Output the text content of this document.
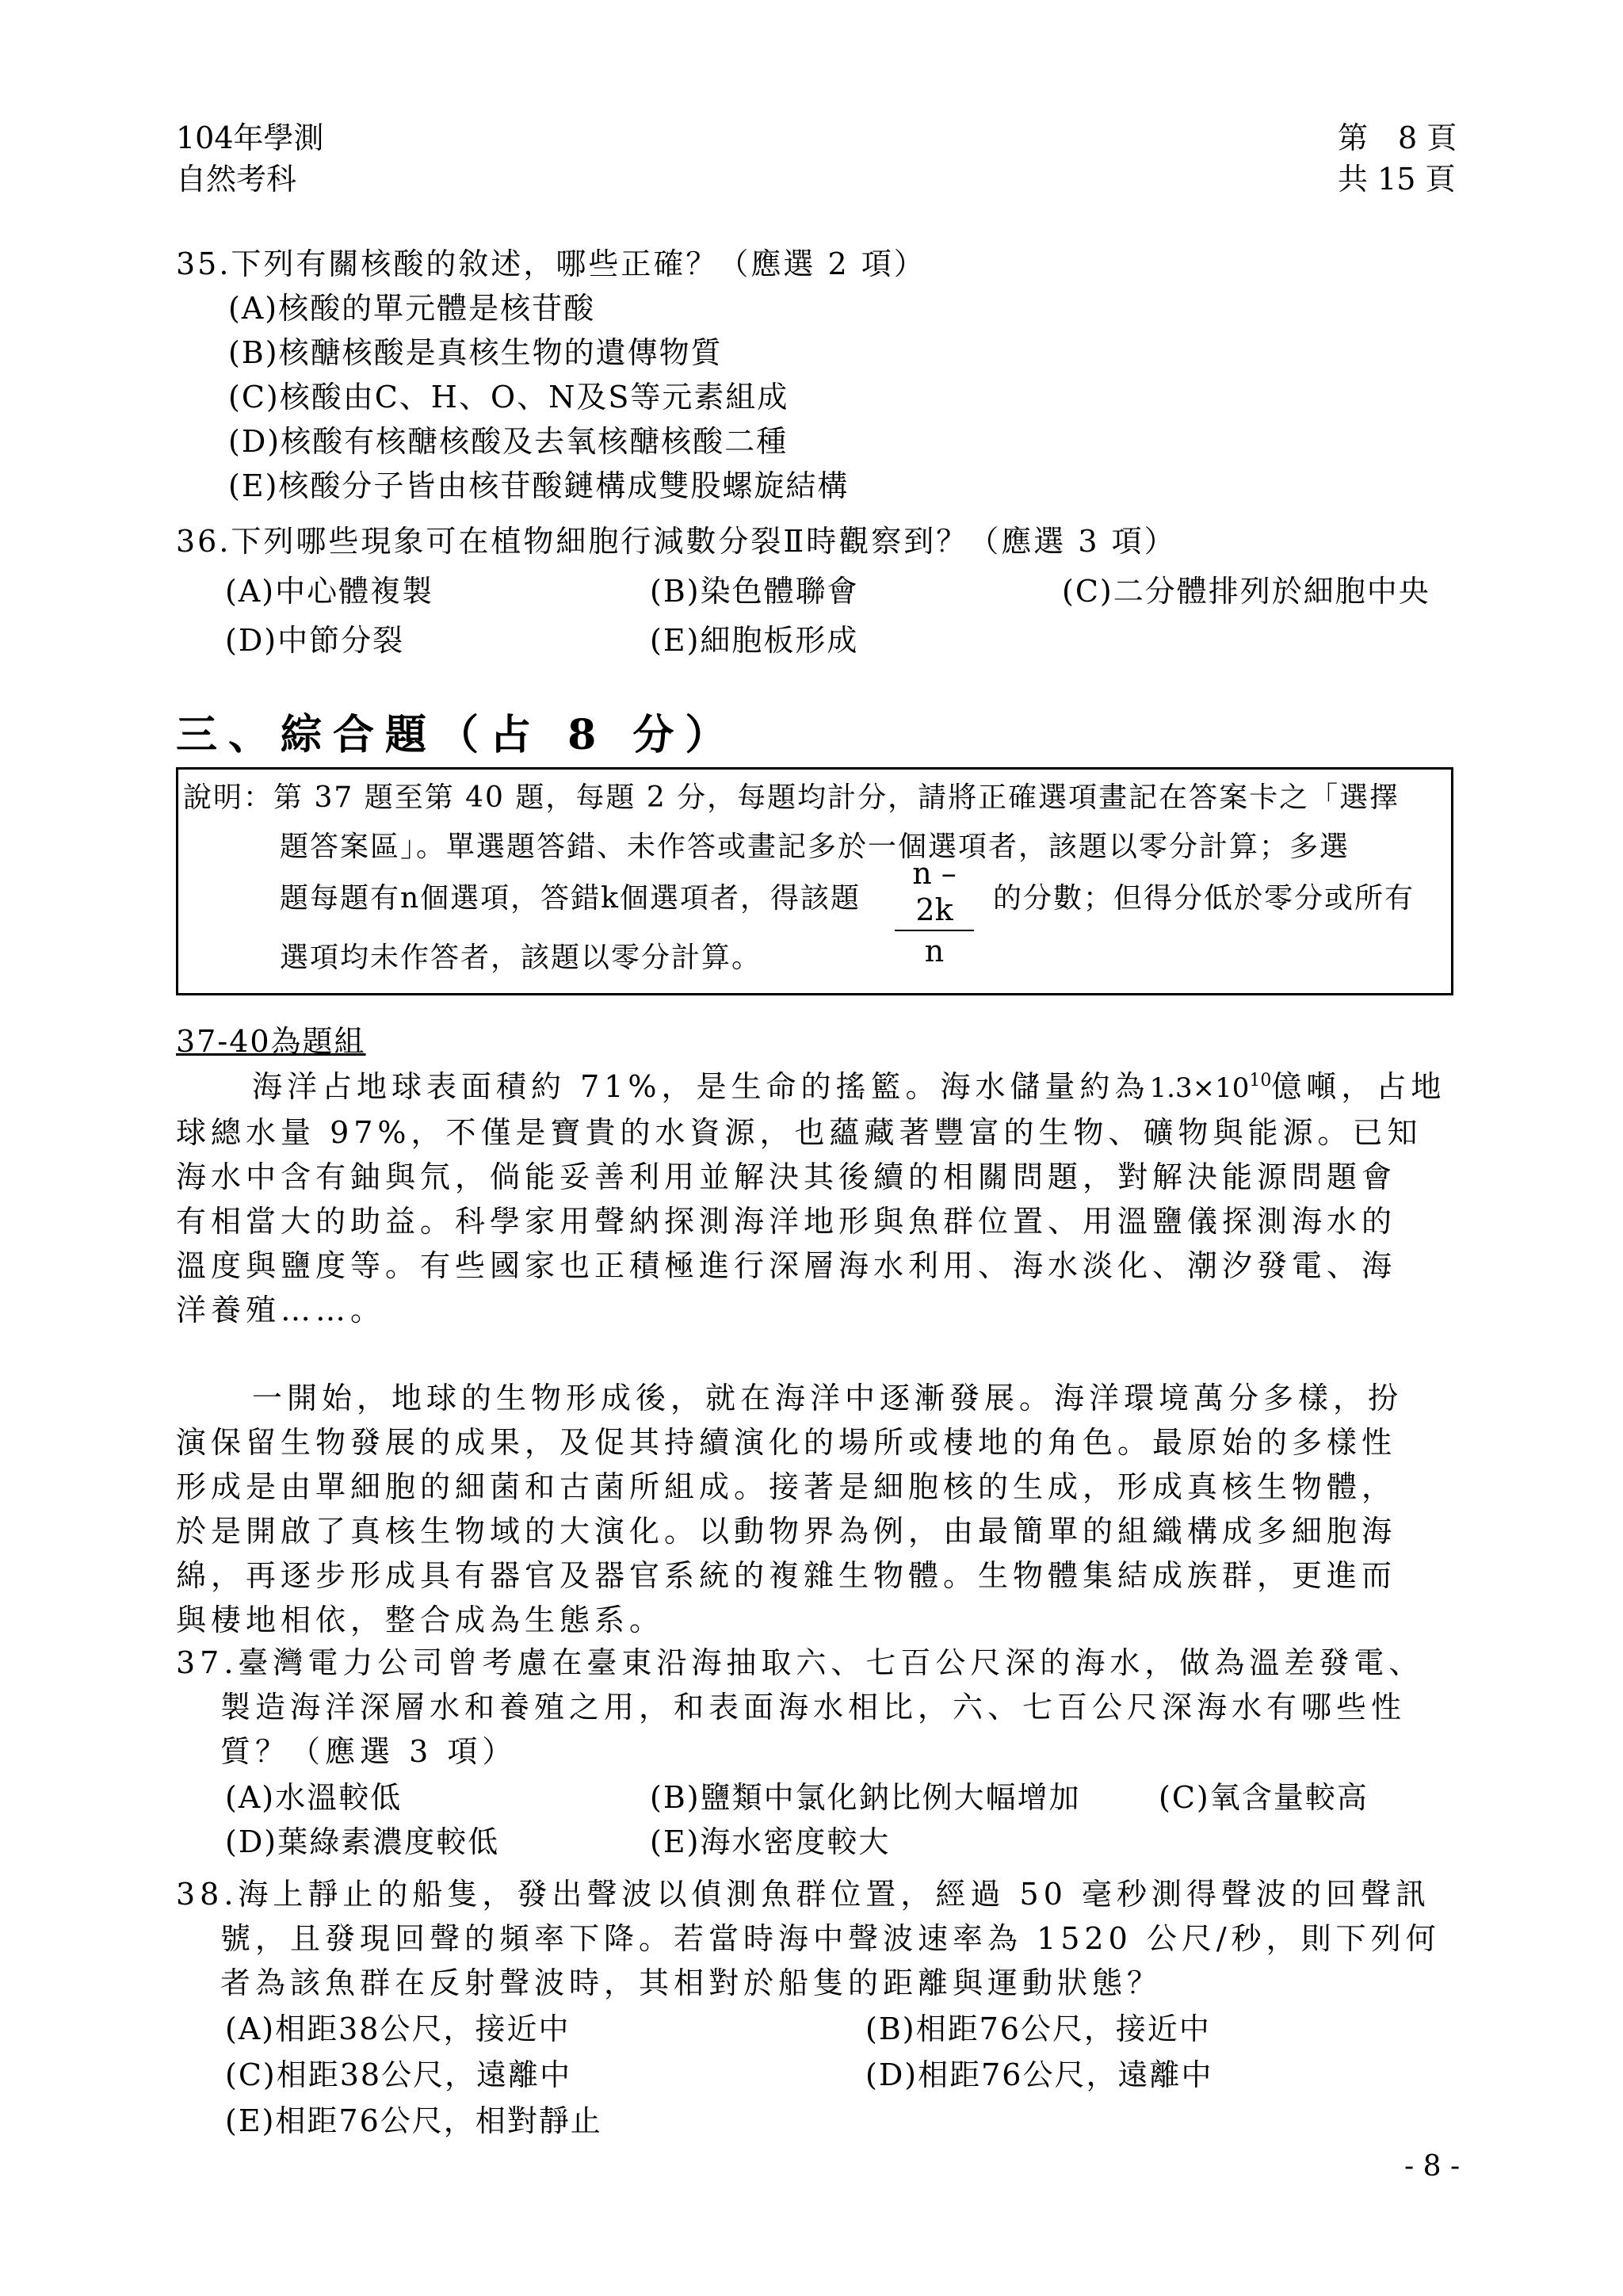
104年學測
自然考科
第　8 頁
共 15 頁
35.下列有關核酸的敘述，哪些正確？（應選 2 項）
(A)核酸的單元體是核苷酸
(B)核醣核酸是真核生物的遺傳物質
(C)核酸由C、H、O、N及S等元素組成
(D)核酸有核醣核酸及去氧核醣核酸二種
(E)核酸分子皆由核苷酸鏈構成雙股螺旋結構
36.下列哪些現象可在植物細胞行減數分裂Ⅱ時觀察到？（應選 3 項）
(A)中心體複製	(B)染色體聯會	(C)二分體排列於細胞中央
(D)中節分裂	(E)細胞板形成
三、綜合題（占 8 分）
說明：第 37 題至第 40 題，每題 2 分，每題均計分，請將正確選項畫記在答案卡之「選擇
題答案區」。單選題答錯、未作答或畫記多於一個選項者，該題以零分計算；多選
題每題有n個選項，答錯k個選項者，得該題
n – 2k
n
的分數；但得分低於零分或所有
選項均未作答者，該題以零分計算。
37-40為題組
海洋占地球表面積約 71%，是生命的搖籃。海水儲量約為$1.3\times 10^{10}$億噸，占地
球總水量 97%，不僅是寶貴的水資源，也蘊藏著豐富的生物、礦物與能源。已知
海水中含有鈾與氘，倘能妥善利用並解決其後續的相關問題，對解決能源問題會
有相當大的助益。科學家用聲納探測海洋地形與魚群位置、用溫鹽儀探測海水的
溫度與鹽度等。有些國家也正積極進行深層海水利用、海水淡化、潮汐發電、海
洋養殖……。
一開始，地球的生物形成後，就在海洋中逐漸發展。海洋環境萬分多樣，扮
演保留生物發展的成果，及促其持續演化的場所或棲地的角色。最原始的多樣性
形成是由單細胞的細菌和古菌所組成。接著是細胞核的生成，形成真核生物體，
於是開啟了真核生物域的大演化。以動物界為例，由最簡單的組織構成多細胞海
綿，再逐步形成具有器官及器官系統的複雜生物體。生物體集結成族群，更進而
與棲地相依，整合成為生態系。
37.臺灣電力公司曾考慮在臺東沿海抽取六、七百公尺深的海水，做為溫差發電、
製造海洋深層水和養殖之用，和表面海水相比，六、七百公尺深海水有哪些性
質？（應選 3 項）
(A)水溫較低	(B)鹽類中氯化鈉比例大幅增加	(C)氧含量較高
(D)葉綠素濃度較低	(E)海水密度較大
38.海上靜止的船隻，發出聲波以偵測魚群位置，經過 50 毫秒測得聲波的回聲訊
號，且發現回聲的頻率下降。若當時海中聲波速率為 1520 公尺/秒，則下列何
者為該魚群在反射聲波時，其相對於船隻的距離與運動狀態？
(A)相距38公尺，接近中	(B)相距76公尺，接近中
(C)相距38公尺，遠離中	(D)相距76公尺，遠離中
(E)相距76公尺，相對靜止
- 8 -
